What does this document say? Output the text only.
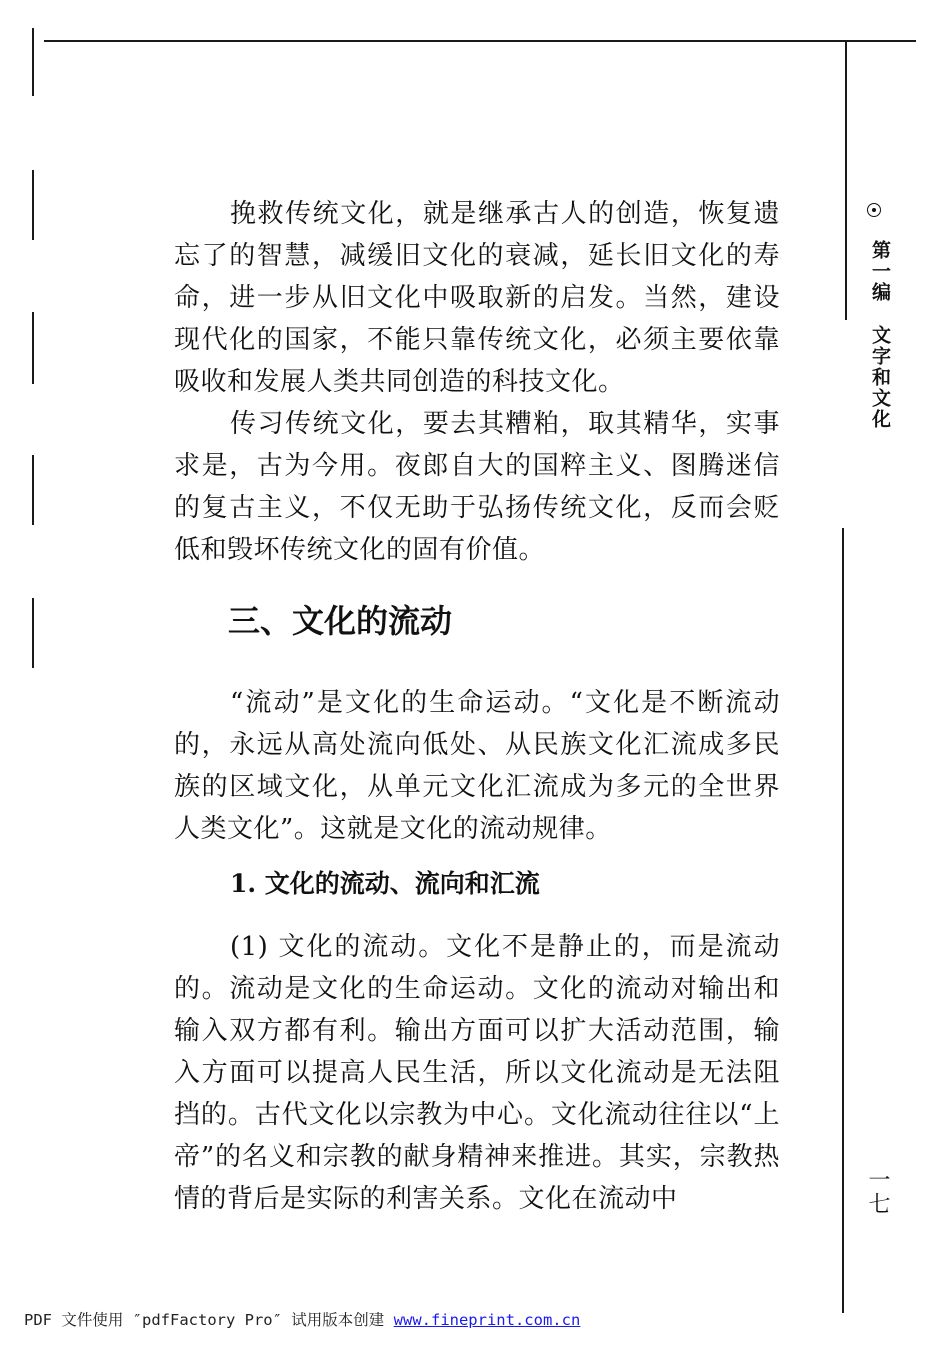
挽救传统文化，就是继承古人的创造，恢复遗忘了的智慧，减缓旧文化的衰减，延长旧文化的寿命，进一步从旧文化中吸取新的启发。当然，建设现代化的国家，不能只靠传统文化，必须主要依靠吸收和发展人类共同创造的科技文化。

传习传统文化，要去其糟粕，取其精华，实事求是，古为今用。夜郎自大的国粹主义、图腾迷信的复古主义，不仅无助于弘扬传统文化，反而会贬低和毁坏传统文化的固有价值。

三、文化的流动

“流动”是文化的生命运动。“文化是不断流动的，永远从高处流向低处、从民族文化汇流成多民族的区域文化，从单元文化汇流成为多元的全世界人类文化”。这就是文化的流动规律。

1. 文化的流动、流向和汇流

(1) 文化的流动。文化不是静止的，而是流动的。流动是文化的生命运动。文化的流动对输出和输入双方都有利。输出方面可以扩大活动范围，输入方面可以提高人民生活，所以文化流动是无法阻挡的。古代文化以宗教为中心。文化流动往往以“上帝”的名义和宗教的献身精神来推进。其实，宗教热情的背后是实际的利害关系。文化在流动中

第一编
文字和文化
一七
PDF 文件使用 ″pdfFactory Pro″ 试用版本创建 www.fineprint.com.cn
